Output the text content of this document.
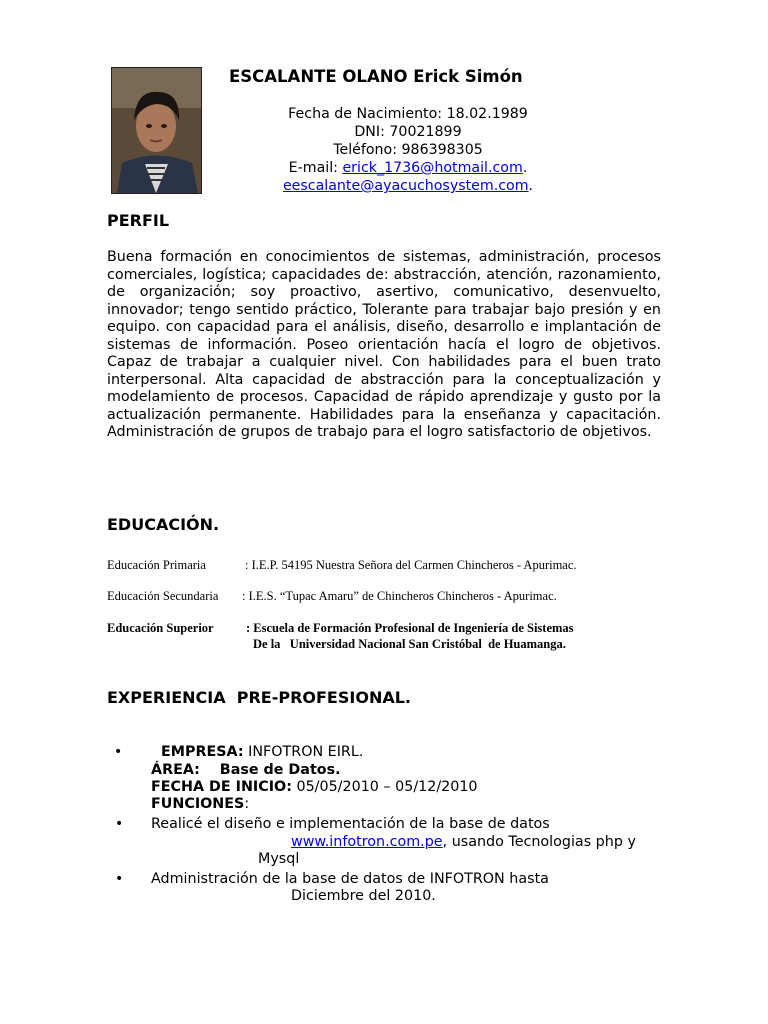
ESCALANTE OLANO Erick Simón
Fecha de Nacimiento: 18.02.1989
DNI: 70021899
Teléfono: 986398305
E-mail: erick_1736@hotmail.com.
eescalante@ayacuchosystem.com.
PERFIL
Buena formación en conocimientos de sistemas, administración, procesos comerciales, logística; capacidades de: abstracción, atención, razonamiento, de organización; soy proactivo, asertivo, comunicativo, desenvuelto, innovador; tengo sentido práctico, Tolerante para trabajar bajo presión y en equipo. con capacidad para el análisis, diseño, desarrollo e implantación de sistemas de información. Poseo orientación hacía el logro de objetivos. Capaz de trabajar a cualquier nivel. Con habilidades para el buen trato interpersonal. Alta capacidad de abstracción para la conceptualización y modelamiento de procesos. Capacidad de rápido aprendizaje y gusto por la actualización permanente. Habilidades para la enseñanza y capacitación. Administración de grupos de trabajo para el logro satisfactorio de objetivos.
EDUCACIÓN.
Educación Primaria	: I.E.P. 54195 Nuestra Señora del Carmen Chincheros - Apurimac.
Educación Secundaria : I.E.S. “Tupac Amaru” de Chincheros Chincheros - Apurimac.
Educación Superior	: Escuela de Formación Profesional de Ingeniería de Sistemas
De la   Universidad Nacional San Cristóbal  de Huamanga.
EXPERIENCIA  PRE-PROFESIONAL.
•	EMPRESA: INFOTRON EIRL.
ÁREA:    Base de Datos.
FECHA DE INICIO: 05/05/2010 – 05/12/2010
FUNCIONES:
• Realicé el diseño e implementación de la base de datos
www.infotron.com.pe, usando Tecnologias php y
Mysql
• Administración de la base de datos de INFOTRON hasta
Diciembre del 2010.
